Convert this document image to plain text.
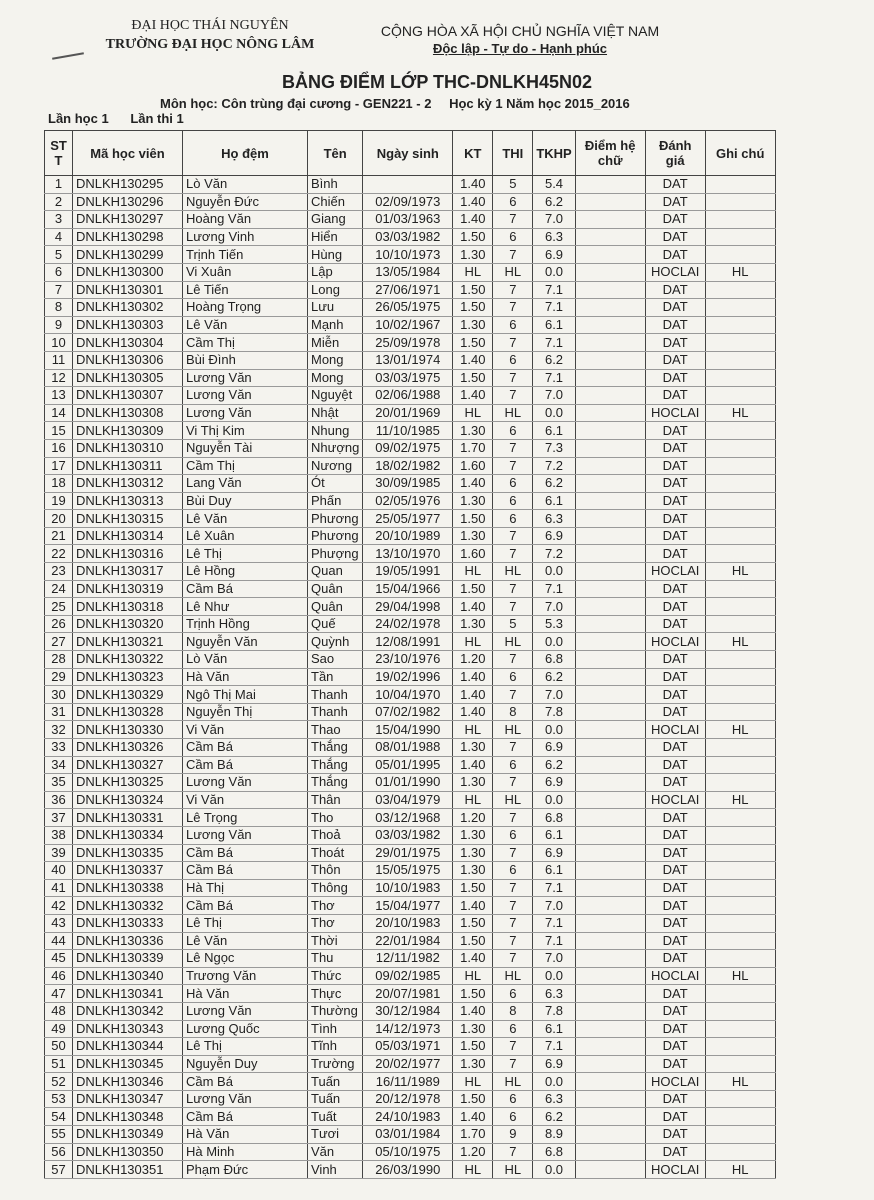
ĐẠI HỌC THÁI NGUYÊN
TRƯỜNG ĐẠI HỌC NÔNG LÂM
CỘNG HÒA XÃ HỘI CHỦ NGHĨA VIỆT NAM
Độc lập - Tự do - Hạnh phúc
BẢNG ĐIỂM LỚP THC-DNLKH45N02
Môn học: Côn trùng đại cương - GEN221 - 2 Học kỳ 1 Năm học 2015_2016
Lần học 1 Lần thi 1
ST T	Mã học viên	Họ đệm	Tên	Ngày sinh	KT	THI	TKHP	Điểm hệ chữ	Đánh giá	Ghi chú
1	DNLKH130295	Lò Văn	Bình		1.40	5	5.4		DAT	
2	DNLKH130296	Nguyễn Đức	Chiến	02/09/1973	1.40	6	6.2		DAT	
3	DNLKH130297	Hoàng Văn	Giang	01/03/1963	1.40	7	7.0		DAT	
4	DNLKH130298	Lương Vinh	Hiển	03/03/1982	1.50	6	6.3		DAT	
5	DNLKH130299	Trịnh Tiến	Hùng	10/10/1973	1.30	7	6.9		DAT	
6	DNLKH130300	Vi Xuân	Lập	13/05/1984	HL	HL	0.0		HOCLAI	HL
7	DNLKH130301	Lê Tiến	Long	27/06/1971	1.50	7	7.1		DAT	
8	DNLKH130302	Hoàng Trọng	Lưu	26/05/1975	1.50	7	7.1		DAT	
9	DNLKH130303	Lê Văn	Mạnh	10/02/1967	1.30	6	6.1		DAT	
10	DNLKH130304	Cầm Thị	Miễn	25/09/1978	1.50	7	7.1		DAT	
11	DNLKH130306	Bùi Đình	Mong	13/01/1974	1.40	6	6.2		DAT	
12	DNLKH130305	Lương Văn	Mong	03/03/1975	1.50	7	7.1		DAT	
13	DNLKH130307	Lương Văn	Nguyệt	02/06/1988	1.40	7	7.0		DAT	
14	DNLKH130308	Lương Văn	Nhật	20/01/1969	HL	HL	0.0		HOCLAI	HL
15	DNLKH130309	Vi Thị Kim	Nhung	11/10/1985	1.30	6	6.1		DAT	
16	DNLKH130310	Nguyễn Tài	Nhượng	09/02/1975	1.70	7	7.3		DAT	
17	DNLKH130311	Cầm Thị	Nương	18/02/1982	1.60	7	7.2		DAT	
18	DNLKH130312	Lang Văn	Ót	30/09/1985	1.40	6	6.2		DAT	
19	DNLKH130313	Bùi Duy	Phấn	02/05/1976	1.30	6	6.1		DAT	
20	DNLKH130315	Lê Văn	Phương	25/05/1977	1.50	6	6.3		DAT	
21	DNLKH130314	Lê Xuân	Phương	20/10/1989	1.30	7	6.9		DAT	
22	DNLKH130316	Lê Thị	Phượng	13/10/1970	1.60	7	7.2		DAT	
23	DNLKH130317	Lê Hồng	Quan	19/05/1991	HL	HL	0.0		HOCLAI	HL
24	DNLKH130319	Cầm Bá	Quân	15/04/1966	1.50	7	7.1		DAT	
25	DNLKH130318	Lê Như	Quân	29/04/1998	1.40	7	7.0		DAT	
26	DNLKH130320	Trịnh Hồng	Quế	24/02/1978	1.30	5	5.3		DAT	
27	DNLKH130321	Nguyễn Văn	Quỳnh	12/08/1991	HL	HL	0.0		HOCLAI	HL
28	DNLKH130322	Lò Văn	Sao	23/10/1976	1.20	7	6.8		DAT	
29	DNLKH130323	Hà Văn	Tần	19/02/1996	1.40	6	6.2		DAT	
30	DNLKH130329	Ngô Thị Mai	Thanh	10/04/1970	1.40	7	7.0		DAT	
31	DNLKH130328	Nguyễn Thị	Thanh	07/02/1982	1.40	8	7.8		DAT	
32	DNLKH130330	Vi Văn	Thao	15/04/1990	HL	HL	0.0		HOCLAI	HL
33	DNLKH130326	Cầm Bá	Thắng	08/01/1988	1.30	7	6.9		DAT	
34	DNLKH130327	Cầm Bá	Thắng	05/01/1995	1.40	6	6.2		DAT	
35	DNLKH130325	Lương Văn	Thắng	01/01/1990	1.30	7	6.9		DAT	
36	DNLKH130324	Vi Văn	Thân	03/04/1979	HL	HL	0.0		HOCLAI	HL
37	DNLKH130331	Lê Trọng	Tho	03/12/1968	1.20	7	6.8		DAT	
38	DNLKH130334	Lương Văn	Thoả	03/03/1982	1.30	6	6.1		DAT	
39	DNLKH130335	Cầm Bá	Thoát	29/01/1975	1.30	7	6.9		DAT	
40	DNLKH130337	Cầm Bá	Thôn	15/05/1975	1.30	6	6.1		DAT	
41	DNLKH130338	Hà Thị	Thông	10/10/1983	1.50	7	7.1		DAT	
42	DNLKH130332	Cầm Bá	Thơ	15/04/1977	1.40	7	7.0		DAT	
43	DNLKH130333	Lê Thị	Thơ	20/10/1983	1.50	7	7.1		DAT	
44	DNLKH130336	Lê Văn	Thời	22/01/1984	1.50	7	7.1		DAT	
45	DNLKH130339	Lê Ngọc	Thu	12/11/1982	1.40	7	7.0		DAT	
46	DNLKH130340	Trương Văn	Thức	09/02/1985	HL	HL	0.0		HOCLAI	HL
47	DNLKH130341	Hà Văn	Thực	20/07/1981	1.50	6	6.3		DAT	
48	DNLKH130342	Lương Văn	Thường	30/12/1984	1.40	8	7.8		DAT	
49	DNLKH130343	Lương Quốc	Tình	14/12/1973	1.30	6	6.1		DAT	
50	DNLKH130344	Lê Thị	Tĩnh	05/03/1971	1.50	7	7.1		DAT	
51	DNLKH130345	Nguyễn Duy	Trường	20/02/1977	1.30	7	6.9		DAT	
52	DNLKH130346	Cầm Bá	Tuấn	16/11/1989	HL	HL	0.0		HOCLAI	HL
53	DNLKH130347	Lương Văn	Tuấn	20/12/1978	1.50	6	6.3		DAT	
54	DNLKH130348	Cầm Bá	Tuất	24/10/1983	1.40	6	6.2		DAT	
55	DNLKH130349	Hà Văn	Tươi	03/01/1984	1.70	9	8.9		DAT	
56	DNLKH130350	Hà Minh	Văn	05/10/1975	1.20	7	6.8		DAT	
57	DNLKH130351	Phạm Đức	Vinh	26/03/1990	HL	HL	0.0		HOCLAI	HL
